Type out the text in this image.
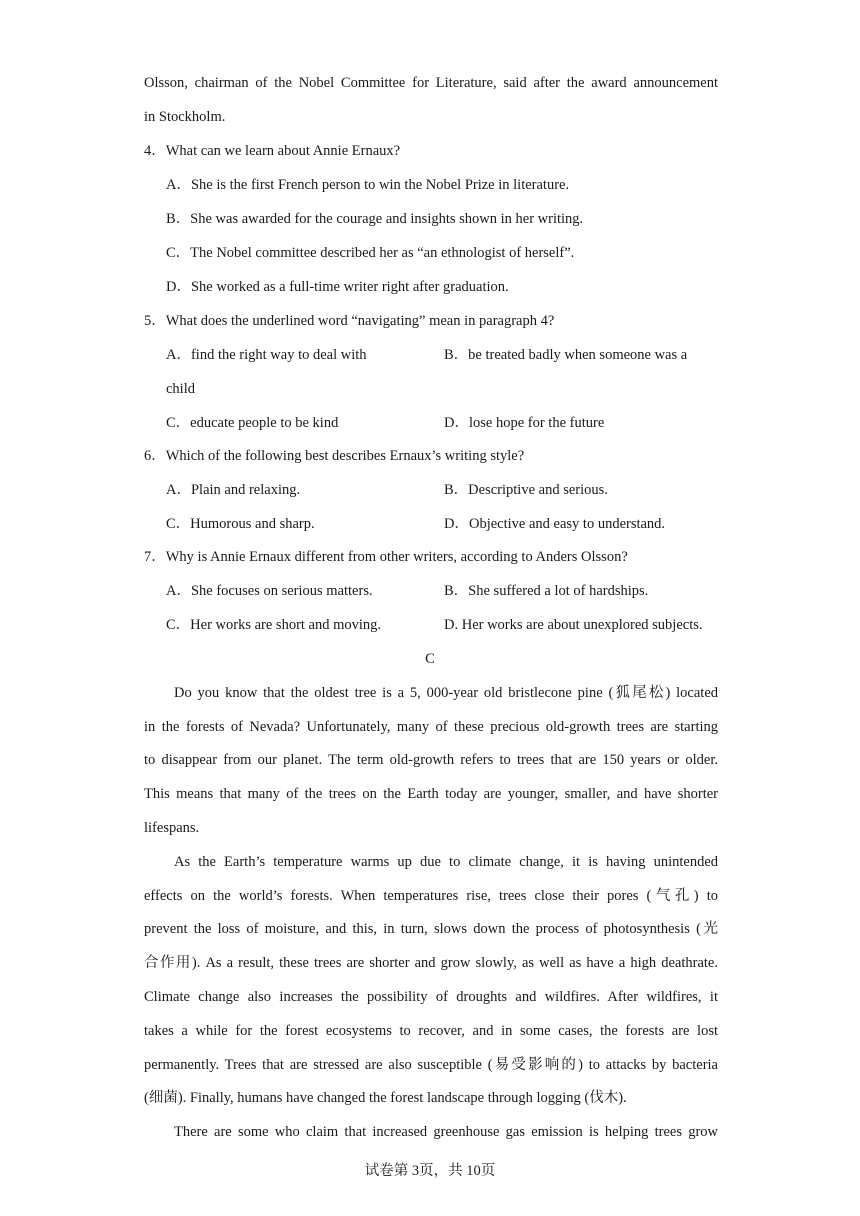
Olsson, chairman of the Nobel Committee for Literature, said after the award announcement
in Stockholm.
4．What can we learn about Annie Ernaux?
A．She is the first French person to win the Nobel Prize in literature.
B．She was awarded for the courage and insights shown in her writing.
C．The Nobel committee described her as “an ethnologist of herself”.
D．She worked as a full-time writer right after graduation.
5．What does the underlined word “navigating” mean in paragraph 4?
A．find the right way to deal with	B．be treated badly when someone was a
child
C．educate people to be kind	D．lose hope for the future
6．Which of the following best describes Ernaux’s writing style?
A．Plain and relaxing.	B．Descriptive and serious.
C．Humorous and sharp.	D．Objective and easy to understand.
7．Why is Annie Ernaux different from other writers, according to Anders Olsson?
A．She focuses on serious matters.	B．She suffered a lot of hardships.
C．Her works are short and moving.	D. Her works are about unexplored subjects.
C
Do you know that the oldest tree is a 5, 000-year old bristlecone pine (狐尾松) located
in the forests of Nevada? Unfortunately, many of these precious old-growth trees are starting
to disappear from our planet. The term old-growth refers to trees that are 150 years or older.
This means that many of the trees on the Earth today are younger, smaller, and have shorter
lifespans.
As the Earth’s temperature warms up due to climate change, it is having unintended
effects on the world’s forests. When temperatures rise, trees close their pores (气孔) to
prevent the loss of moisture, and this, in turn, slows down the process of photosynthesis (光
合作用). As a result, these trees are shorter and grow slowly, as well as have a high deathrate.
Climate change also increases the possibility of droughts and wildfires. After wildfires, it
takes a while for the forest ecosystems to recover, and in some cases, the forests are lost
permanently. Trees that are stressed are also susceptible (易受影响的) to attacks by bacteria
(细菌). Finally, humans have changed the forest landscape through logging (伐木).
There are some who claim that increased greenhouse gas emission is helping trees grow
试卷第 3页，共 10页
